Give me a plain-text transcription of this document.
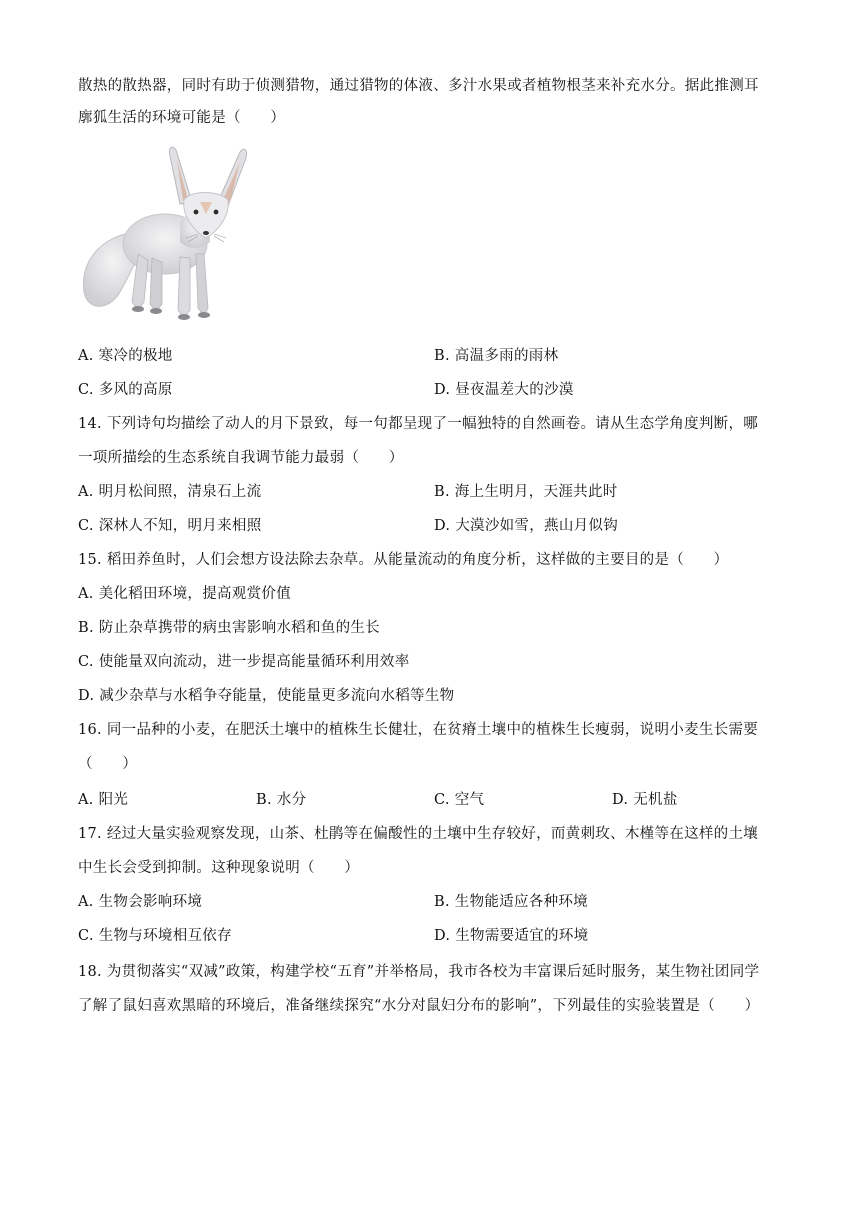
散热的散热器，同时有助于侦测猎物，通过猎物的体液、多汁水果或者植物根茎来补充水分。据此推测耳
廓狐生活的环境可能是（　　）
A. 寒冷的极地	B. 高温多雨的雨林
C. 多风的高原	D. 昼夜温差大的沙漠
14. 下列诗句均描绘了动人的月下景致，每一句都呈现了一幅独特的自然画卷。请从生态学角度判断，哪
一项所描绘的生态系统自我调节能力最弱（　　）
A. 明月松间照，清泉石上流	B. 海上生明月，天涯共此时
C. 深林人不知，明月来相照	D. 大漠沙如雪，燕山月似钩
15. 稻田养鱼时，人们会想方设法除去杂草。从能量流动的角度分析，这样做的主要目的是（　　）
A. 美化稻田环境，提高观赏价值
B. 防止杂草携带的病虫害影响水稻和鱼的生长
C. 使能量双向流动，进一步提高能量循环利用效率
D. 减少杂草与水稻争夺能量，使能量更多流向水稻等生物
16. 同一品种的小麦，在肥沃土壤中的植株生长健壮，在贫瘠土壤中的植株生长瘦弱，说明小麦生长需要
（　　）
A. 阳光	B. 水分	C. 空气	D. 无机盐
17. 经过大量实验观察发现，山茶、杜鹃等在偏酸性的土壤中生存较好，而黄刺玫、木槿等在这样的土壤
中生长会受到抑制。这种现象说明（　　）
A. 生物会影响环境	B. 生物能适应各种环境
C. 生物与环境相互依存	D. 生物需要适宜的环境
18. 为贯彻落实“双减”政策，构建学校“五育”并举格局，我市各校为丰富课后延时服务，某生物社团同学
了解了鼠妇喜欢黑暗的环境后，准备继续探究“水分对鼠妇分布的影响”，下列最佳的实验装置是（　　）
